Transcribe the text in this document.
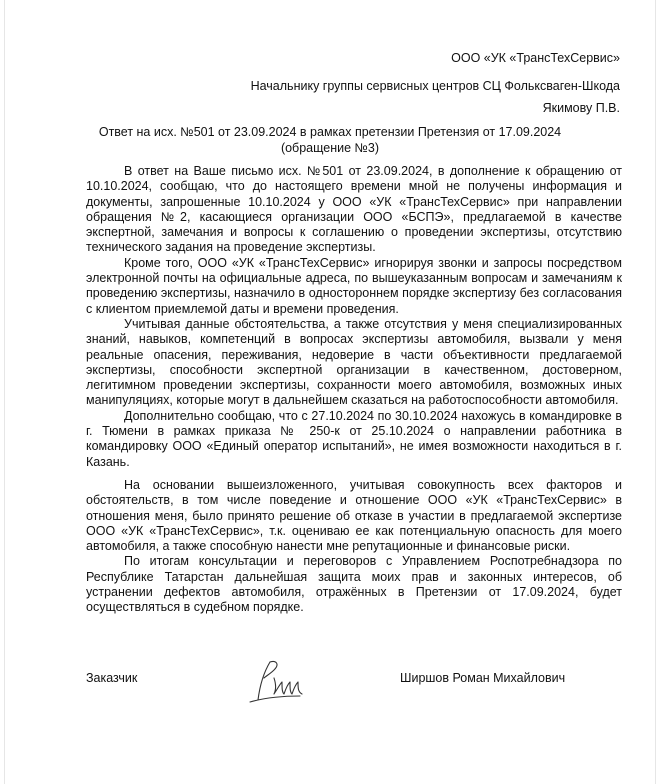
ООО «УК «ТрансТехСервис»
Начальнику группы сервисных центров СЦ Фольксваген-Шкода
Якимову П.В.
Ответ на исх. №501 от 23.09.2024 в рамках претензии Претензия от 17.09.2024
(обращение №3)

В ответ на Ваше письмо исх. №501 от 23.09.2024, в дополнение к обращению от 10.10.2024, сообщаю, что до настоящего времени мной не получены информация и документы, запрошенные 10.10.2024 у ООО «УК «ТрансТехСервис» при направлении обращения №2, касающиеся организации ООО «БСПЭ», предлагаемой в качестве экспертной, замечания и вопросы к соглашению о проведении экспертизы, отсутствию технического задания на проведение экспертизы.

Кроме того, ООО «УК «ТрансТехСервис» игнорируя звонки и запросы посредством электронной почты на официальные адреса, по вышеуказанным вопросам и замечаниям к проведению экспертизы, назначило в одностороннем порядке экспертизу без согласования с клиентом приемлемой даты и времени проведения.

Учитывая данные обстоятельства, а также отсутствия у меня специализированных знаний, навыков, компетенций в вопросах экспертизы автомобиля, вызвали у меня реальные опасения, переживания, недоверие в части объективности предлагаемой экспертизы, способности экспертной организации в качественном, достоверном, легитимном проведении экспертизы, сохранности моего автомобиля, возможных иных манипуляциях, которые могут в дальнейшем сказаться на работоспособности автомобиля.

Дополнительно сообщаю, что с 27.10.2024 по 30.10.2024 нахожусь в командировке в г. Тюмени в рамках приказа № 250-к от 25.10.2024 о направлении работника в командировку ООО «Единый оператор испытаний», не имея возможности находиться в г. Казань.

На основании вышеизложенного, учитывая совокупность всех факторов и обстоятельств, в том числе поведение и отношение ООО «УК «ТрансТехСервис» в отношения меня, было принято решение об отказе в участии в предлагаемой экспертизе ООО «УК «ТрансТехСервис», т.к. оцениваю ее как потенциальную опасность для моего автомобиля, а также способную нанести мне репутационные и финансовые риски.

По итогам консультации и переговоров с Управлением Роспотребнадзора по Республике Татарстан дальнейшая защита моих прав и законных интересов, об устранении дефектов автомобиля, отражённых в Претензии от 17.09.2024, будет осуществляться в судебном порядке.

Заказчик	Ширшов Роман Михайлович
